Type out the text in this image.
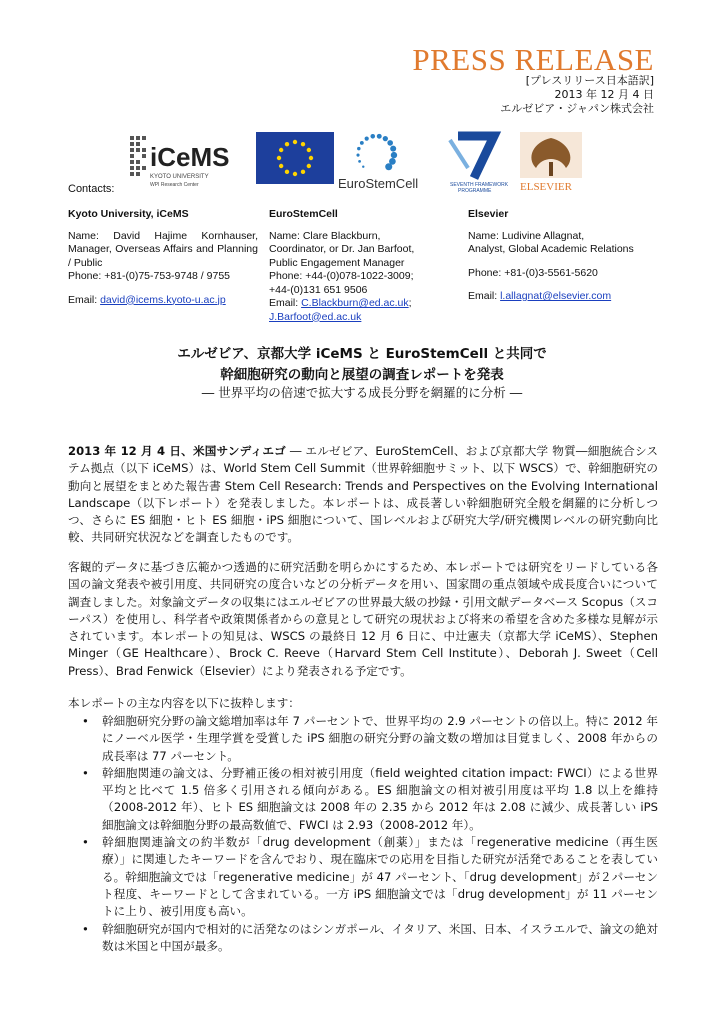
PRESS RELEASE
[プレスリリース日本語訳]
2013 年 12 月 4 日
エルゼビア・ジャパン株式会社
iCeMS
KYOTO UNIVERSITY
WPI Research Center	EuroStemCell	SEVENTH FRAMEWORK
PROGRAMME	ELSEVIER
Contacts:
Kyoto University, iCeMS

Name: David Hajime Kornhauser, Manager, Overseas Affairs and Planning / Public

Phone: +81-(0)75-753-9748 / 9755

Email: david@icems.kyoto-u.ac.jp

EuroStemCell

Name: Clare Blackburn,

Coordinator, or Dr. Jan Barfoot,

Public Engagement Manager

Phone: +44-(0)078-1022-3009;

+44-(0)131 651 9506

Email: C.Blackburn@ed.ac.uk;

J.Barfoot@ed.ac.uk

Elsevier

Name: Ludivine Allagnat,

Analyst, Global Academic Relations

Phone: +81-(0)3-5561-5620

Email: l.allagnat@elsevier.com

エルゼビア、京都大学 iCeMS と EuroStemCell と共同で
幹細胞研究の動向と展望の調査レポートを発表
― 世界平均の倍速で拡大する成長分野を網羅的に分析 ―

2013 年 12 月 4 日、米国サンディエゴ ― エルゼビア、EuroStemCell、および京都大学 物質―細胞統合システム拠点（以下 iCeMS）は、World Stem Cell Summit（世界幹細胞サミット、以下 WSCS）で、幹細胞研究の動向と展望をまとめた報告書 Stem Cell Research: Trends and Perspectives on the Evolving International Landscape（以下レポート）を発表しました。本レポートは、成長著しい幹細胞研究全般を網羅的に分析しつつ、さらに ES 細胞・ヒト ES 細胞・iPS 細胞について、国レベルおよび研究大学/研究機関レベルの研究動向比較、共同研究状況などを調査したものです。

客観的データに基づき広範かつ透過的に研究活動を明らかにするため、本レポートでは研究をリードしている各国の論文発表や被引用度、共同研究の度合いなどの分析データを用い、国家間の重点領域や成長度合いについて調査しました。対象論文データの収集にはエルゼビアの世界最大級の抄録・引用文献データベース Scopus（スコーパス）を使用し、科学者や政策関係者からの意見として研究の現状および将来の希望を含めた多様な見解が示されています。本レポートの知見は、WSCS の最終日 12 月 6 日に、中辻憲夫（京都大学 iCeMS）、Stephen Minger（GE Healthcare）、Brock C. Reeve（Harvard Stem Cell Institute）、Deborah J. Sweet（Cell Press）、Brad Fenwick（Elsevier）により発表される予定です。

本レポートの主な内容を以下に抜粋します：

• 幹細胞研究分野の論文総増加率は年 7 パーセントで、世界平均の 2.9 パーセントの倍以上。特に 2012 年にノーベル医学・生理学賞を受賞した iPS 細胞の研究分野の論文数の増加は目覚ましく、2008 年からの成長率は 77 パーセント。
• 幹細胞関連の論文は、分野補正後の相対被引用度（field weighted citation impact: FWCI）による世界平均と比べて 1.5 倍多く引用される傾向がある。ES 細胞論文の相対被引用度は平均 1.8 以上を維持（2008-2012 年）、ヒト ES 細胞論文は 2008 年の 2.35 から 2012 年は 2.08 に減少、成長著しい iPS 細胞論文は幹細胞分野の最高数値で、FWCI は 2.93（2008-2012 年）。
• 幹細胞関連論文の約半数が「drug development（創薬）」または「regenerative medicine（再生医療）」に関連したキーワードを含んでおり、現在臨床での応用を目指した研究が活発であることを表している。幹細胞論文では「regenerative medicine」が 47 パーセント、「drug development」が２パーセント程度、キーワードとして含まれている。一方 iPS 細胞論文では「drug development」が 11 パーセントに上り、被引用度も高い。
• 幹細胞研究が国内で相対的に活発なのはシンガポール、イタリア、米国、日本、イスラエルで、論文の絶対数は米国と中国が最多。
